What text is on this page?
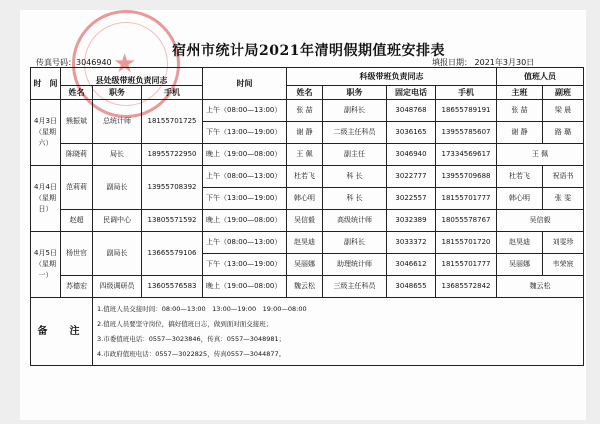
★	宿州市统计局2021年清明假期值班安排表
传真号码：3046940	填报日期： 2021年3月30日
时　间	县处级带班负责同志			时间	科级带班负责同志				值班人员	
	姓名	职务	手机		姓名	职务	固定电话	手机	主班	副班
4月3日（星期六）	熊振斌	总统计师	18155701725	上午（08:00—13:00）	张 喆	副科长	3048768	18655789191	张 喆	梁 晨
				下午（13:00—19:00）	谢 静	二级主任科员	3036165	13955785607	谢 静	路 璐
	陈晓莉	局长	18955722950	晚上（19:00—08:00）	王 佩	副主任	3046940	17334569617	王 佩	
4月4日（星期日）	范莉莉	副局长	13955708392	上午（08:00—13:00）	杜若飞	科 长	3022777	13955709688	杜若飞	祝语书
				下午（13:00—19:00）	韩心明	科 长	3022557	18155701777	韩心明	张 雯
	赵超	民调中心	13805571592	晚上（19:00—08:00）	吴信毅	高级统计师	3032389	18055578767	吴信毅	
4月5日（星期一）	杨世官	副局长	13665579106	上午（08:00—13:00）	赵昊迪	副科长	3033372	18155701720	赵昊迪	刘雯珍
				下午（13:00—19:00）	吴丽娜	助理统计师	3046612	18155701777	吴丽娜	韦荣宸
	苏德宏	四级调研员	13605576583	晚上（19:00—08:00）	魏云松	三级主任科员	3048655	13685572842	魏云松	
备　注		1.值班人员交接时间：08:00—13:00　13:00—19:00　19:00—08:00
2.值班人员要坚守岗位，搞好值班日志，做到面对面交接班；
3.市委值班电话：0557—3023846，传真：0557—3048981；
4.市政府值班电话：0557—3022825，传真0557—3044877。								
